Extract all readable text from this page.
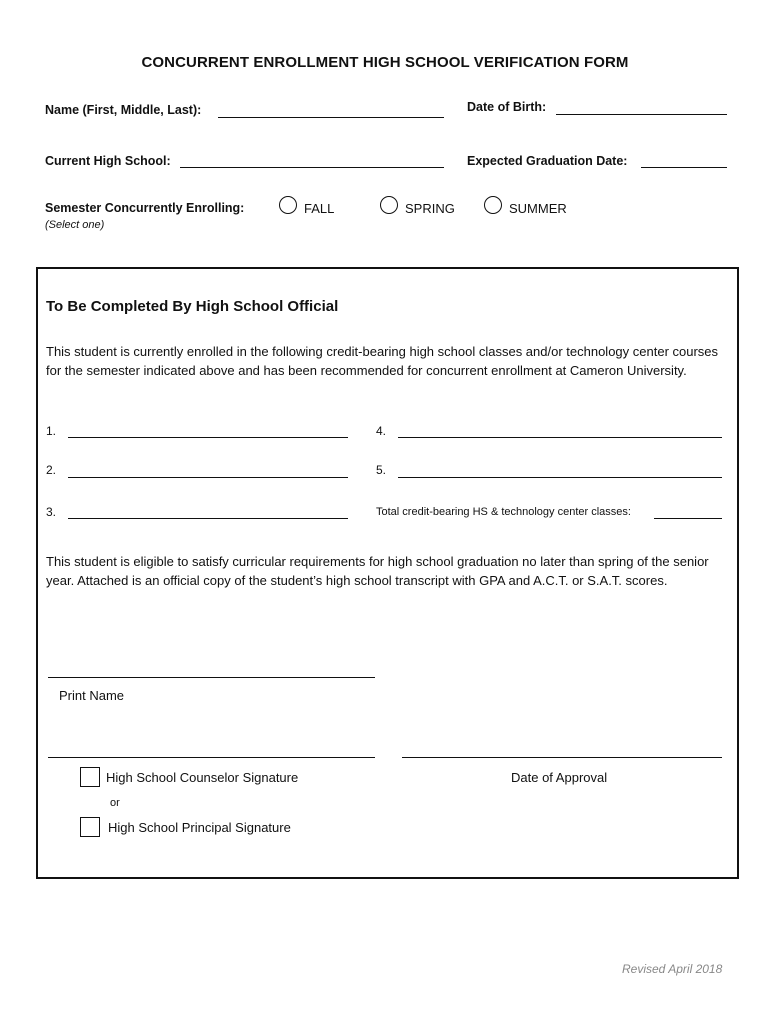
CONCURRENT ENROLLMENT HIGH SCHOOL VERIFICATION FORM
Name (First, Middle, Last):	Date of Birth:
Current High School:	Expected Graduation Date:
Semester Concurrently Enrolling:
(Select one)
FALL	SPRING	SUMMER
To Be Completed By High School Official
This student is currently enrolled in the following credit-bearing high school classes and/or technology center courses for the semester indicated above and has been recommended for concurrent enrollment at Cameron University.
1.	4.
2.	5.
3.	Total credit-bearing HS & technology center classes:
This student is eligible to satisfy curricular requirements for high school graduation no later than spring of the senior year. Attached is an official copy of the student’s high school transcript with GPA and A.C.T. or S.A.T. scores.
Print Name
High School Counselor Signature	Date of Approval
or
High School Principal Signature
Revised April 2018
